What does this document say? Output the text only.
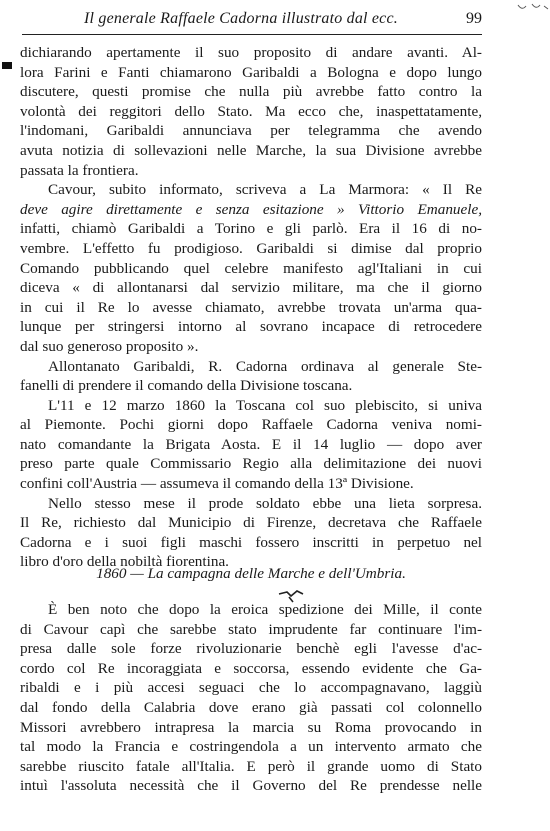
Il generale Raffaele Cadorna illustrato dal ecc.	99
dichiarando apertamente il suo proposito di andare avanti. Al-
lora Farini e Fanti chiamarono Garibaldi a Bologna e dopo lungo
discutere, questi promise che nulla più avrebbe fatto contro la
volontà dei reggitori dello Stato. Ma ecco che, inaspettatamente,
l'indomani, Garibaldi annunciava per telegramma che avendo
avuta notizia di sollevazioni nelle Marche, la sua Divisione avrebbe
passata la frontiera.
Cavour, subito informato, scriveva a La Marmora: « Il Re
deve agire direttamente e senza esitazione » Vittorio Emanuele,
infatti, chiamò Garibaldi a Torino e gli parlò. Era il 16 di no-
vembre. L'effetto fu prodigioso. Garibaldi si dimise dal proprio
Comando pubblicando quel celebre manifesto agl'Italiani in cui
diceva « di allontanarsi dal servizio militare, ma che il giorno
in cui il Re lo avesse chiamato, avrebbe trovata un'arma qua-
lunque per stringersi intorno al sovrano incapace di retrocedere
dal suo generoso proposito ».
Allontanato Garibaldi, R. Cadorna ordinava al generale Ste-
fanelli di prendere il comando della Divisione toscana.
L'11 e 12 marzo 1860 la Toscana col suo plebiscito, si univa
al Piemonte. Pochi giorni dopo Raffaele Cadorna veniva nomi-
nato comandante la Brigata Aosta. E il 14 luglio — dopo aver
preso parte quale Commissario Regio alla delimitazione dei nuovi
confini coll'Austria — assumeva il comando della 13ª Divisione.
Nello stesso mese il prode soldato ebbe una lieta sorpresa.
Il Re, richiesto dal Municipio di Firenze, decretava che Raffaele
Cadorna e i suoi figli maschi fossero inscritti in perpetuo nel
libro d'oro della nobiltà fiorentina.
1860 — La campagna delle Marche e dell'Umbria.
È ben noto che dopo la eroica spedizione dei Mille, il conte
di Cavour capì che sarebbe stato imprudente far continuare l'im-
presa dalle sole forze rivoluzionarie benchè egli l'avesse d'ac-
cordo col Re incoraggiata e soccorsa, essendo evidente che Ga-
ribaldi e i più accesi seguaci che lo accompagnavano, laggiù
dal fondo della Calabria dove erano già passati col colonnello
Missori avrebbero intrapresa la marcia su Roma provocando in
tal modo la Francia e costringendola a un intervento armato che
sarebbe riuscito fatale all'Italia. E però il grande uomo di Stato
intuì l'assoluta necessità che il Governo del Re prendesse nelle
